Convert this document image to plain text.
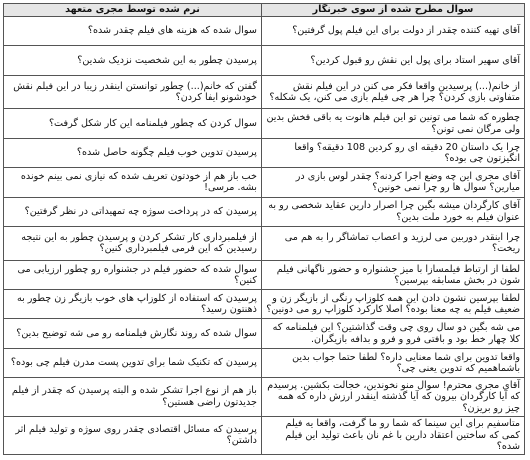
سوال مطرح شده از سوی خبرنگار	نرم شده توسط مجری متعهد
آقای تهیه کننده چقدر از دولت برای این فیلم پول گرفتین؟	سوال شده که هزینه های فیلم چقدر شده؟
آقای سهیر استاد برای پول این نقش رو قبول کردین؟	پرسیدن چطور به این شخصیت نزدیک شدین؟
از خانم(...) پرسیدین واقعا فکر می کنن در این فیلم نقش متفاوتی بازی کردن؟ چرا هر چی فیلم بازی می کنن، یک شکله؟	گفتن که خانم(...) چطور توانستن اینقدر زیبا در این فیلم نقش خودشونو ایفا کردن؟
چطوره که شما می تونین تو این فیلم هانوت یه باقی فخش بدین ولی مرگان نمی تونن؟	سوال کردن که چطور فیلمنامه این کار شکل گرفت؟
چرا یک داستان 20 دقیقه ای رو کردین 108 دقیقه؟ واقعا انگیزتون چی بوده؟	پرسیدن تدوین خوب فیلم چگونه حاصل شده؟
آقای مجری این چه وضع اجرا کردنه؟ چقدر لوس بازی در میارین؟ سوال ها رو چرا نمی خونین؟	خب باز هم از خودتون تعریف شده که نیازی نمی بینم خونده بشه. مرسی!
آقای کارگردان میشه بگین چرا اصرار دارین عقاید شخصی رو به عنوان فیلم به خورد ملت بدین؟	پرسیدن که در پرداخت سوژه چه تمهیداتی در نظر گرفتین؟
چرا اینقدر دوربین می لرزید و اعصاب تماشاگر را به هم می ریخت؟	از فیلمبرداری کار تشکر کردن و پرسیدن چطور به این نتیجه رسیدین که این فرمی فیلمبرداری کنین؟
لطفا از ارتباط فیلمسازا با میز جشنواره و حضور ناگهانی فیلم شون در بخش مسابقه بپرسین؟	سوال شده که حضور فیلم در جشنواره رو چطور ارزیابی می کنین؟
لطفا بپرسین نشون دادن این همه کلوزاپ رنگی از بازیگر زن و ضعیف فیلم به چه معنا بوده؟ اصلا کارکرد کلوزاپ رو می دونین؟	پرسیدن که استفاده از کلوزاپ های خوب بازیگر زن چطور به ذهنتون رسید؟
می شه بگین دو سال روی چی وقت گذاشتین؟ این فیلمنامه که کلا چهار خط بود و بافتی فرو و فرو و بدافه بازیگران.	سوال شده که روند نگارش فیلمنامه رو می شه توضیح بدین؟
واقعا تدوین برای شما معنایی داره؟ لطفا حتما جواب بدین باشماهمیم که تدوین یعنی چی؟	پرسیدن که تکنیک شما برای تدوین پست مدرن فیلم چی بوده؟
آقای مجری محترم! سوال منو نخوندین، خجالت بکشین. پرسیدم که آیا کارگردان بیرون که آیا گذشته اینقدر ارزش داره که همه چیز رو بریزن؟	باز هم از نوع اجرا تشکر شده و البته پرسیدن که چقدر از فیلم جدیدتون راضی هستین؟
متاسفیم برای این سینما که شما رو ما گرفت، واقعا یه فیلم کمی که ساختین اعتقاد دارین با غم نان باعث تولید این فیلم شده؟	پرسیدن که مسائل اقتصادی چقدر روی سوژه و تولید فیلم اثر داشتن؟
